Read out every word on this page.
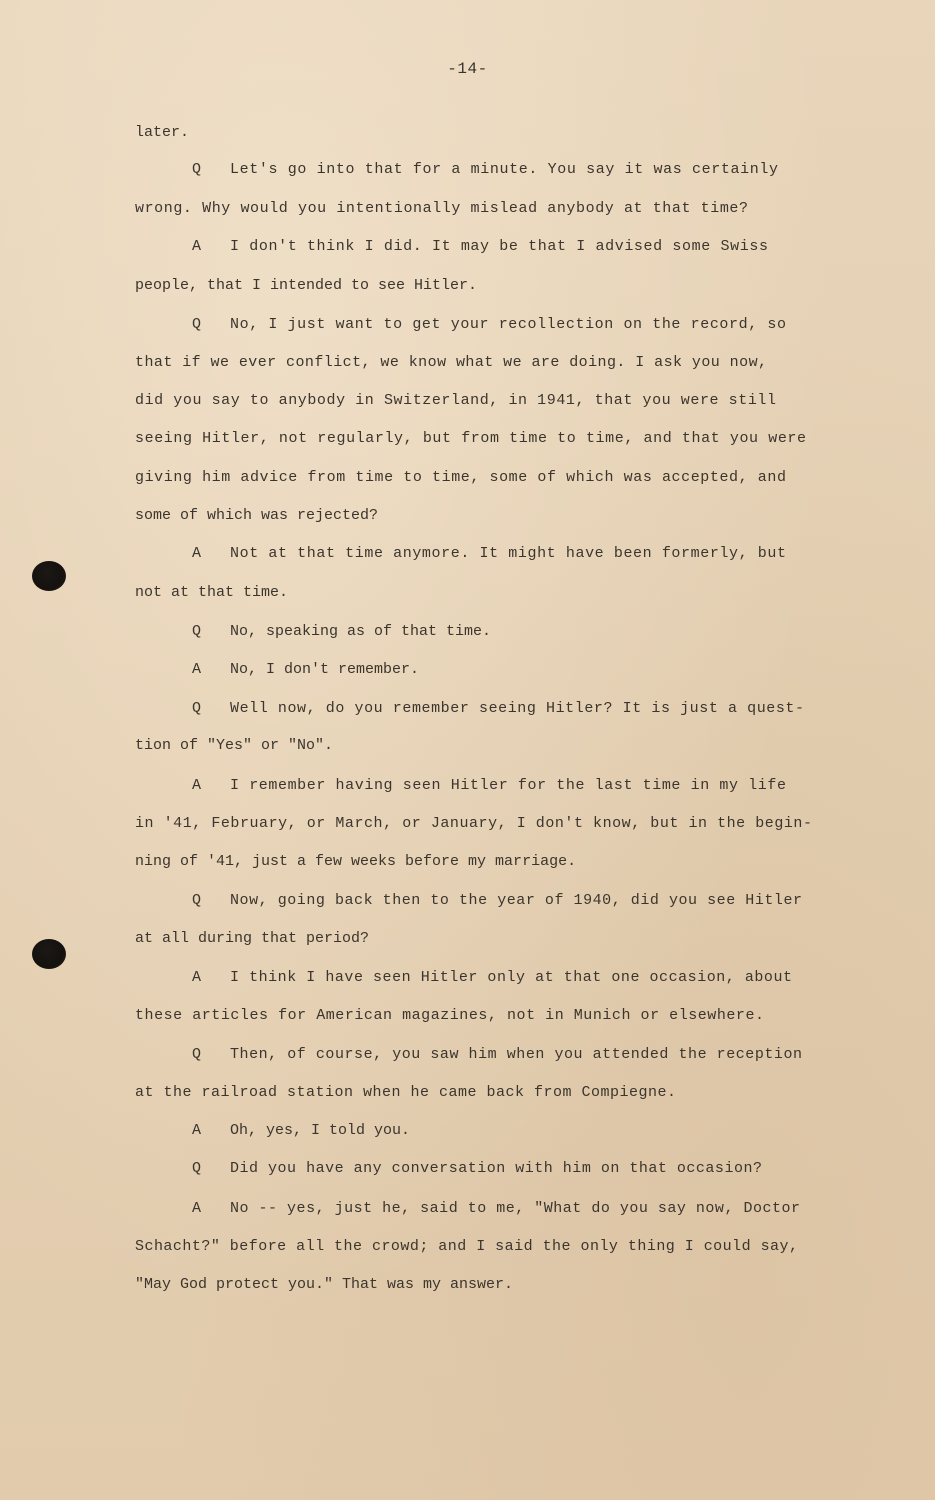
-14-
later.
Q Let's go into that for a minute. You say it was certainly
wrong. Why would you intentionally mislead anybody at that time?
A I don't think I did. It may be that I advised some Swiss
people, that I intended to see Hitler.
Q No, I just want to get your recollection on the record, so
that if we ever conflict, we know what we are doing. I ask you now,
did you say to anybody in Switzerland, in 1941, that you were still
seeing Hitler, not regularly, but from time to time, and that you were
giving him advice from time to time, some of which was accepted, and
some of which was rejected?
A Not at that time anymore. It might have been formerly, but
not at that time.
Q No, speaking as of that time.
A No, I don't remember.
Q Well now, do you remember seeing Hitler? It is just a quest-
tion of "Yes" or "No".
A I remember having seen Hitler for the last time in my life
in '41, February, or March, or January, I don't know, but in the begin-
ning of '41, just a few weeks before my marriage.
Q Now, going back then to the year of 1940, did you see Hitler
at all during that period?
A I think I have seen Hitler only at that one occasion, about
these articles for American magazines, not in Munich or elsewhere.
Q Then, of course, you saw him when you attended the reception
at the railroad station when he came back from Compiegne.
A Oh, yes, I told you.
Q Did you have any conversation with him on that occasion?
A No -- yes, just he, said to me, "What do you say now, Doctor
Schacht?" before all the crowd; and I said the only thing I could say,
"May God protect you." That was my answer.
